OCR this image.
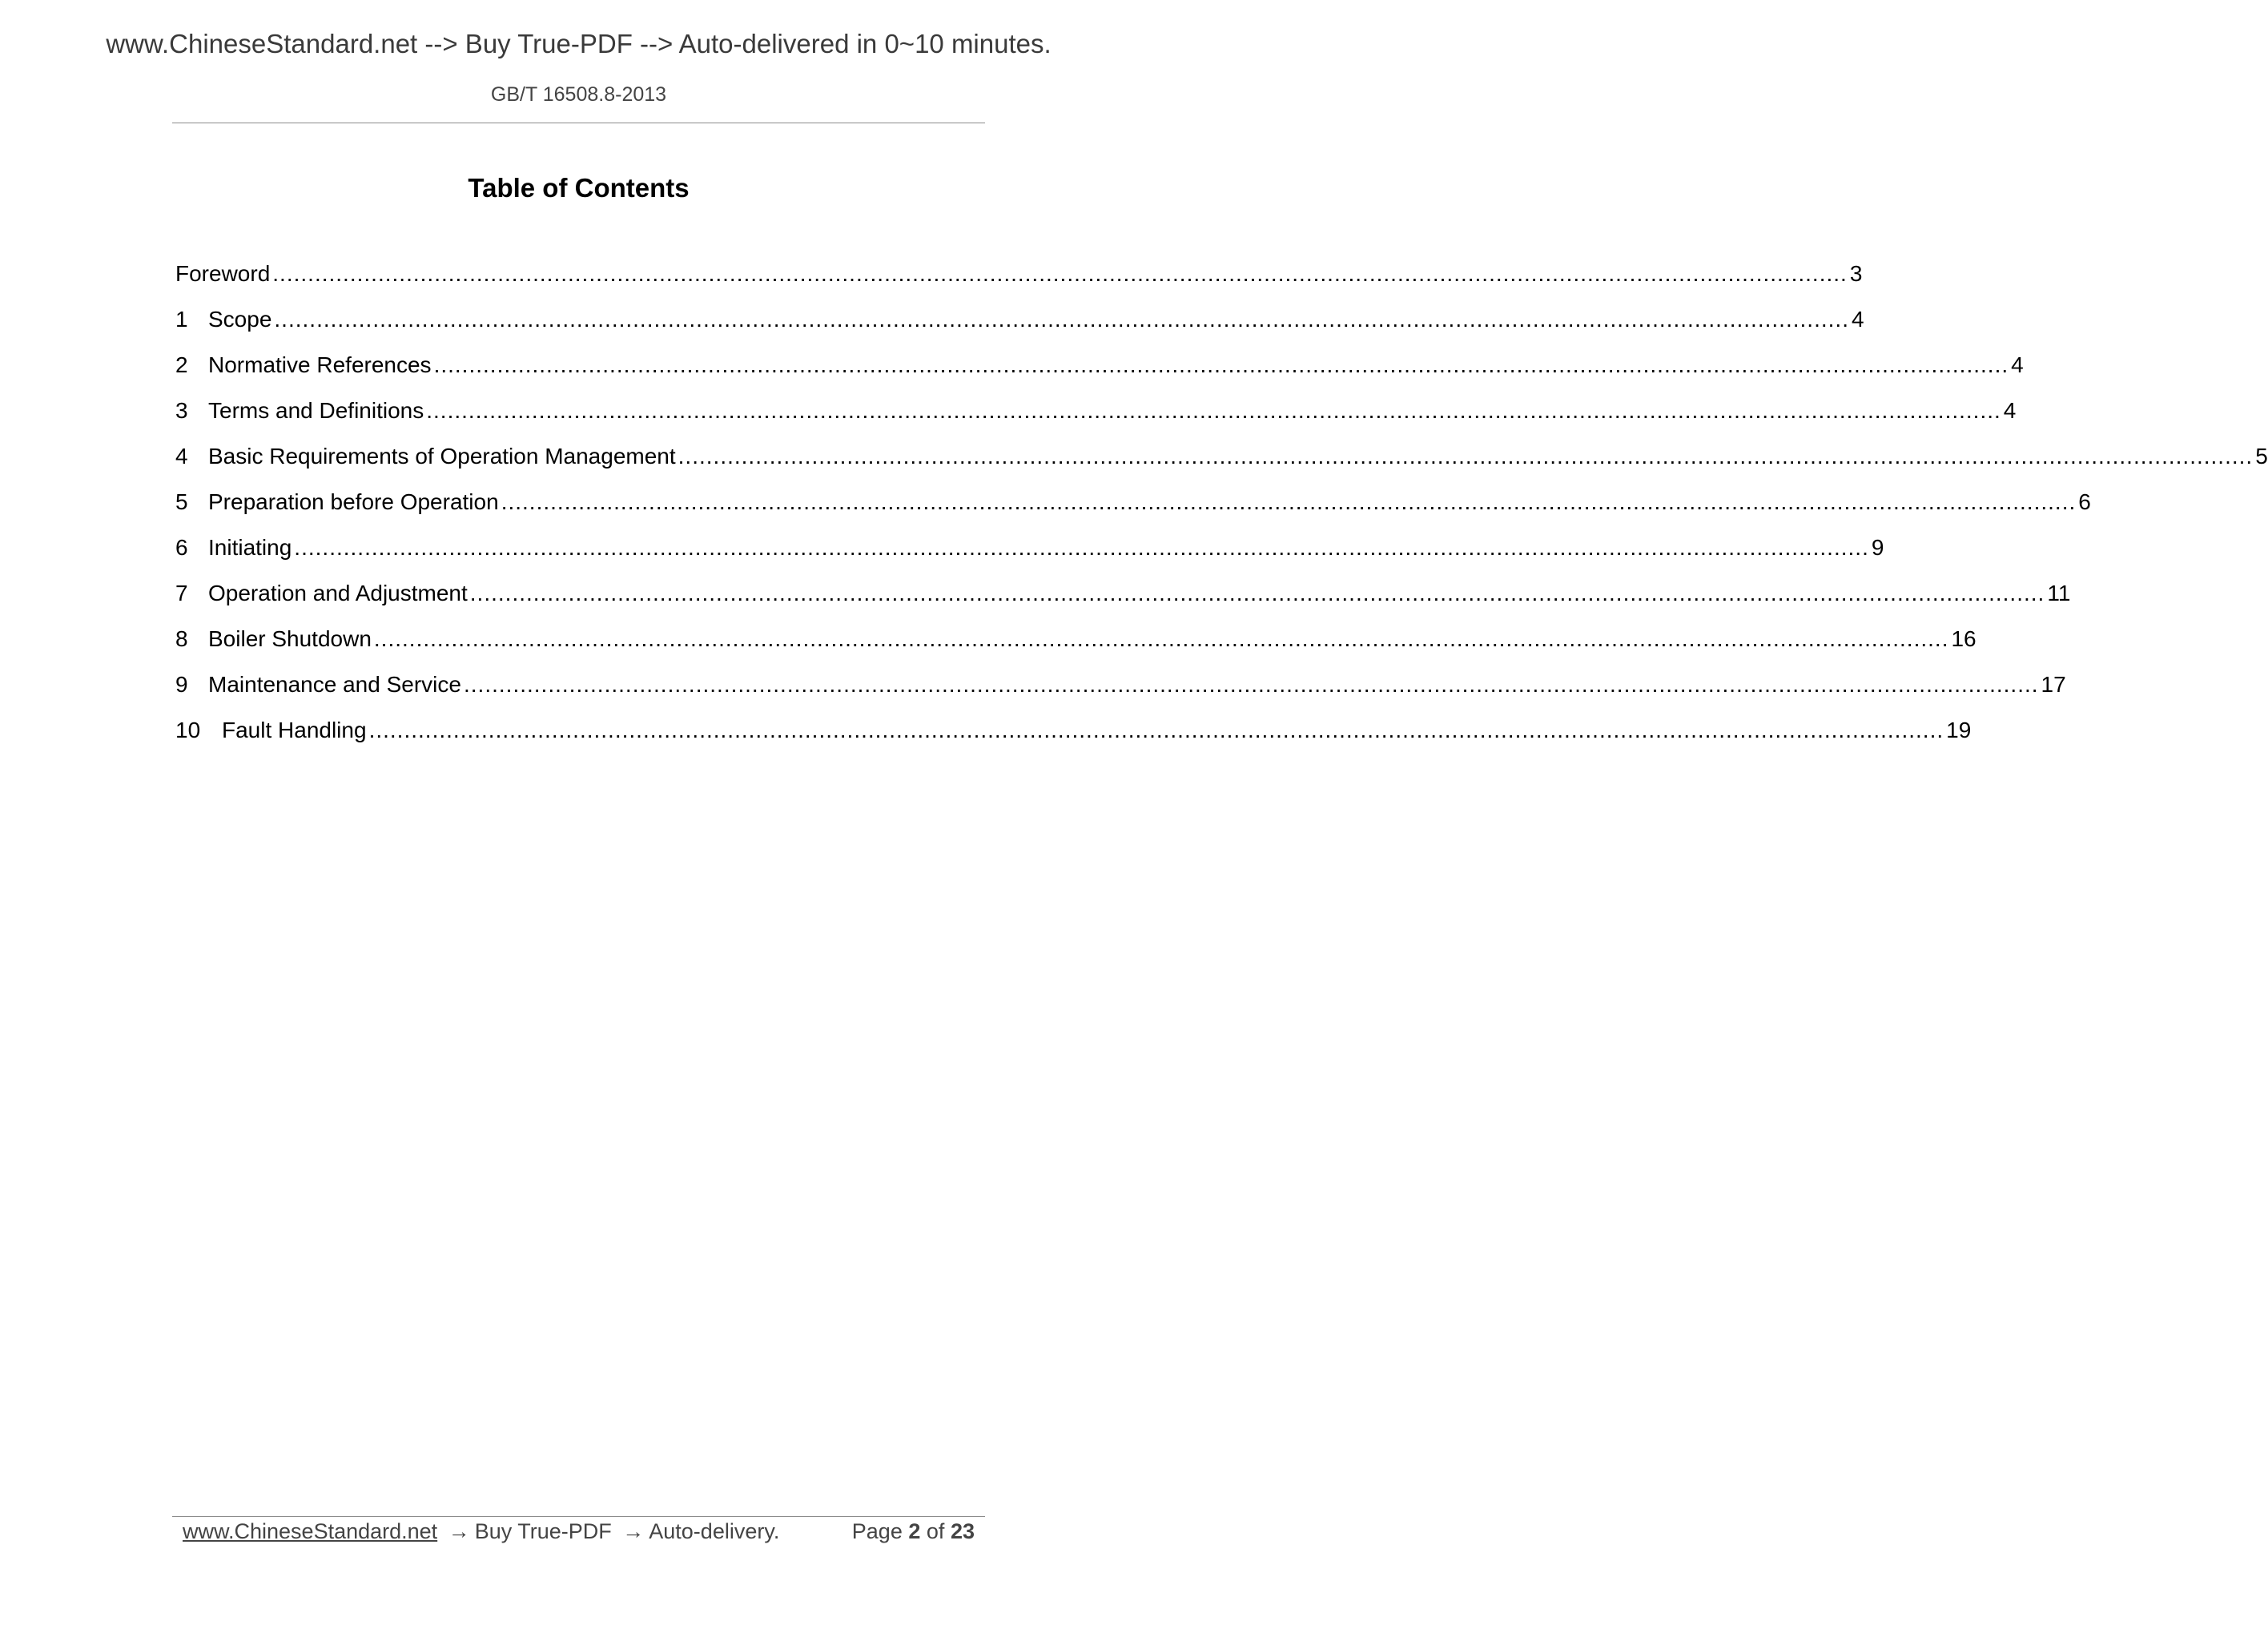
www.ChineseStandard.net --> Buy True-PDF --> Auto-delivered in 0~10 minutes.
GB/T 16508.8-2013
Table of Contents
Foreword ................................................................................................................................................................................................................................ 3
1 Scope ................................................................................................................................................................................................................................ 4
2 Normative References ................................................................................................................................................................................................................................ 4
3 Terms and Definitions ................................................................................................................................................................................................................................ 4
4 Basic Requirements of Operation Management ................................................................................................................................................................................................................................ 5
5 Preparation before Operation ................................................................................................................................................................................................................................ 6
6 Initiating ................................................................................................................................................................................................................................ 9
7 Operation and Adjustment ................................................................................................................................................................................................................................ 11
8 Boiler Shutdown ................................................................................................................................................................................................................................ 16
9 Maintenance and Service ................................................................................................................................................................................................................................ 17
10 Fault Handling ................................................................................................................................................................................................................................ 19
www.ChineseStandard.net → Buy True-PDF → Auto-delivery.	Page 2 of 23
